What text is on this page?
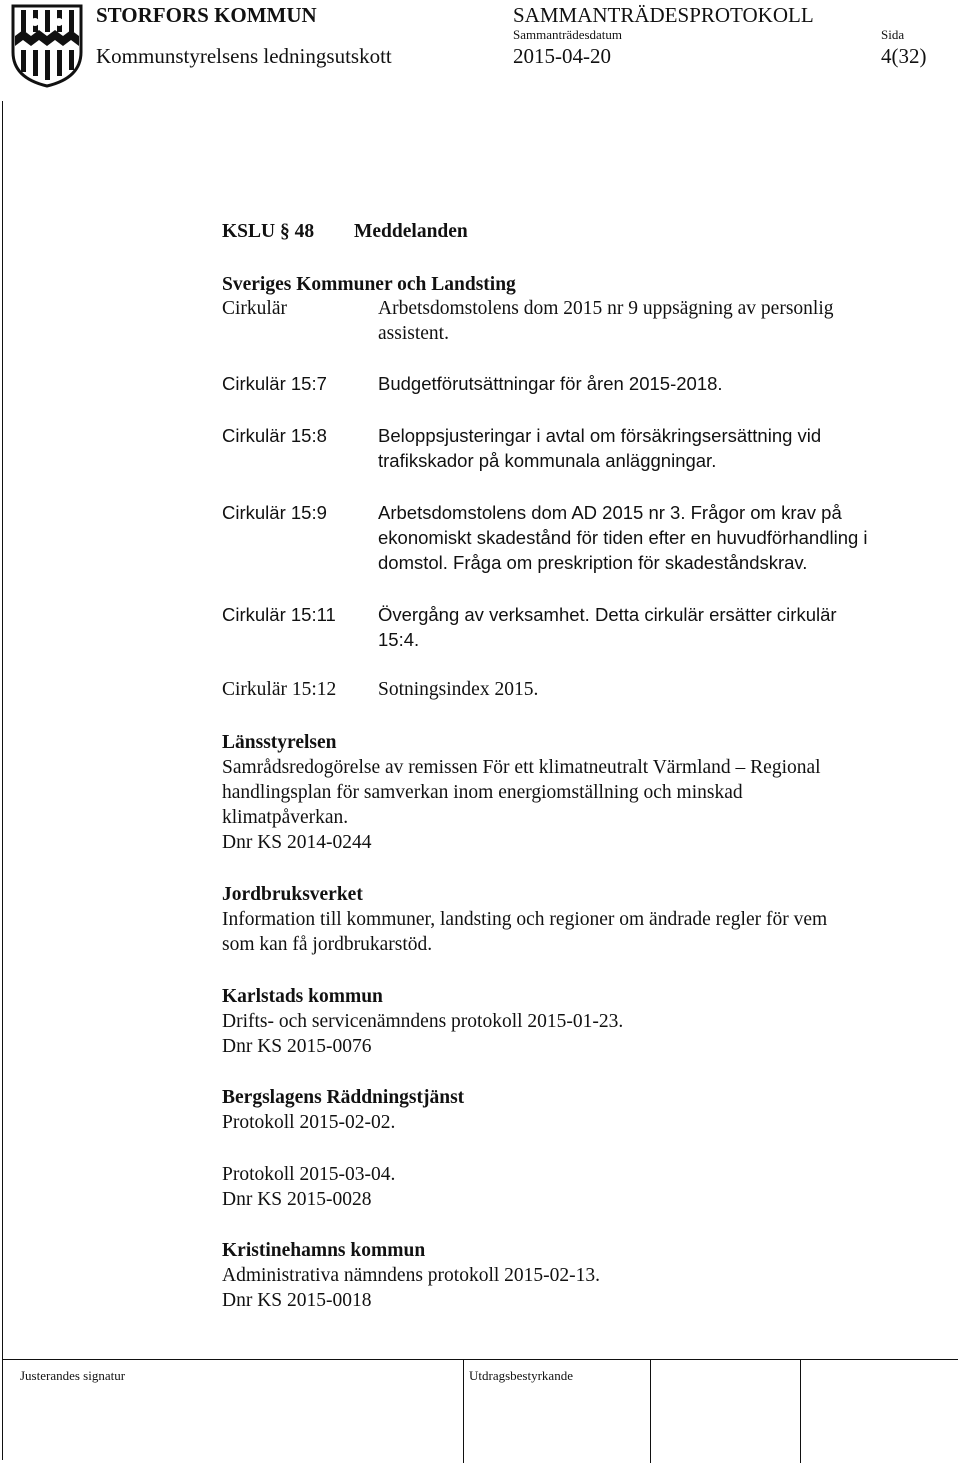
STORFORS KOMMUN	SAMMANTRÄDESPROTOKOLL
Sammanträdesdatum	Sida
Kommunstyrelsens ledningsutskott	2015-04-20	4(32)
KSLU § 48 Meddelanden
Sveriges Kommuner och Landsting
Cirkulär	Arbetsdomstolens dom 2015 nr 9 uppsägning av personlig
assistent.
Cirkulär 15:7	Budgetförutsättningar för åren 2015-2018.
Cirkulär 15:8	Beloppsjusteringar i avtal om försäkringsersättning vid
trafikskador på kommunala anläggningar.
Cirkulär 15:9	Arbetsdomstolens dom AD 2015 nr 3. Frågor om krav på
ekonomiskt skadestånd för tiden efter en huvudförhandling i
domstol. Fråga om preskription för skadeståndskrav.
Cirkulär 15:11 Övergång av verksamhet. Detta cirkulär ersätter cirkulär
15:4.
Cirkulär 15:12 Sotningsindex 2015.
Länsstyrelsen
Samrådsredogörelse av remissen För ett klimatneutralt Värmland – Regional
handlingsplan för samverkan inom energiomställning och minskad
klimatpåverkan.
Dnr KS 2014-0244
Jordbruksverket
Information till kommuner, landsting och regioner om ändrade regler för vem
som kan få jordbrukarstöd.
Karlstads kommun
Drifts- och servicenämndens protokoll 2015-01-23.
Dnr KS 2015-0076
Bergslagens Räddningstjänst
Protokoll 2015-02-02.
Protokoll 2015-03-04.
Dnr KS 2015-0028
Kristinehamns kommun
Administrativa nämndens protokoll 2015-02-13.
Dnr KS 2015-0018
Justerandes signatur	Utdragsbestyrkande
